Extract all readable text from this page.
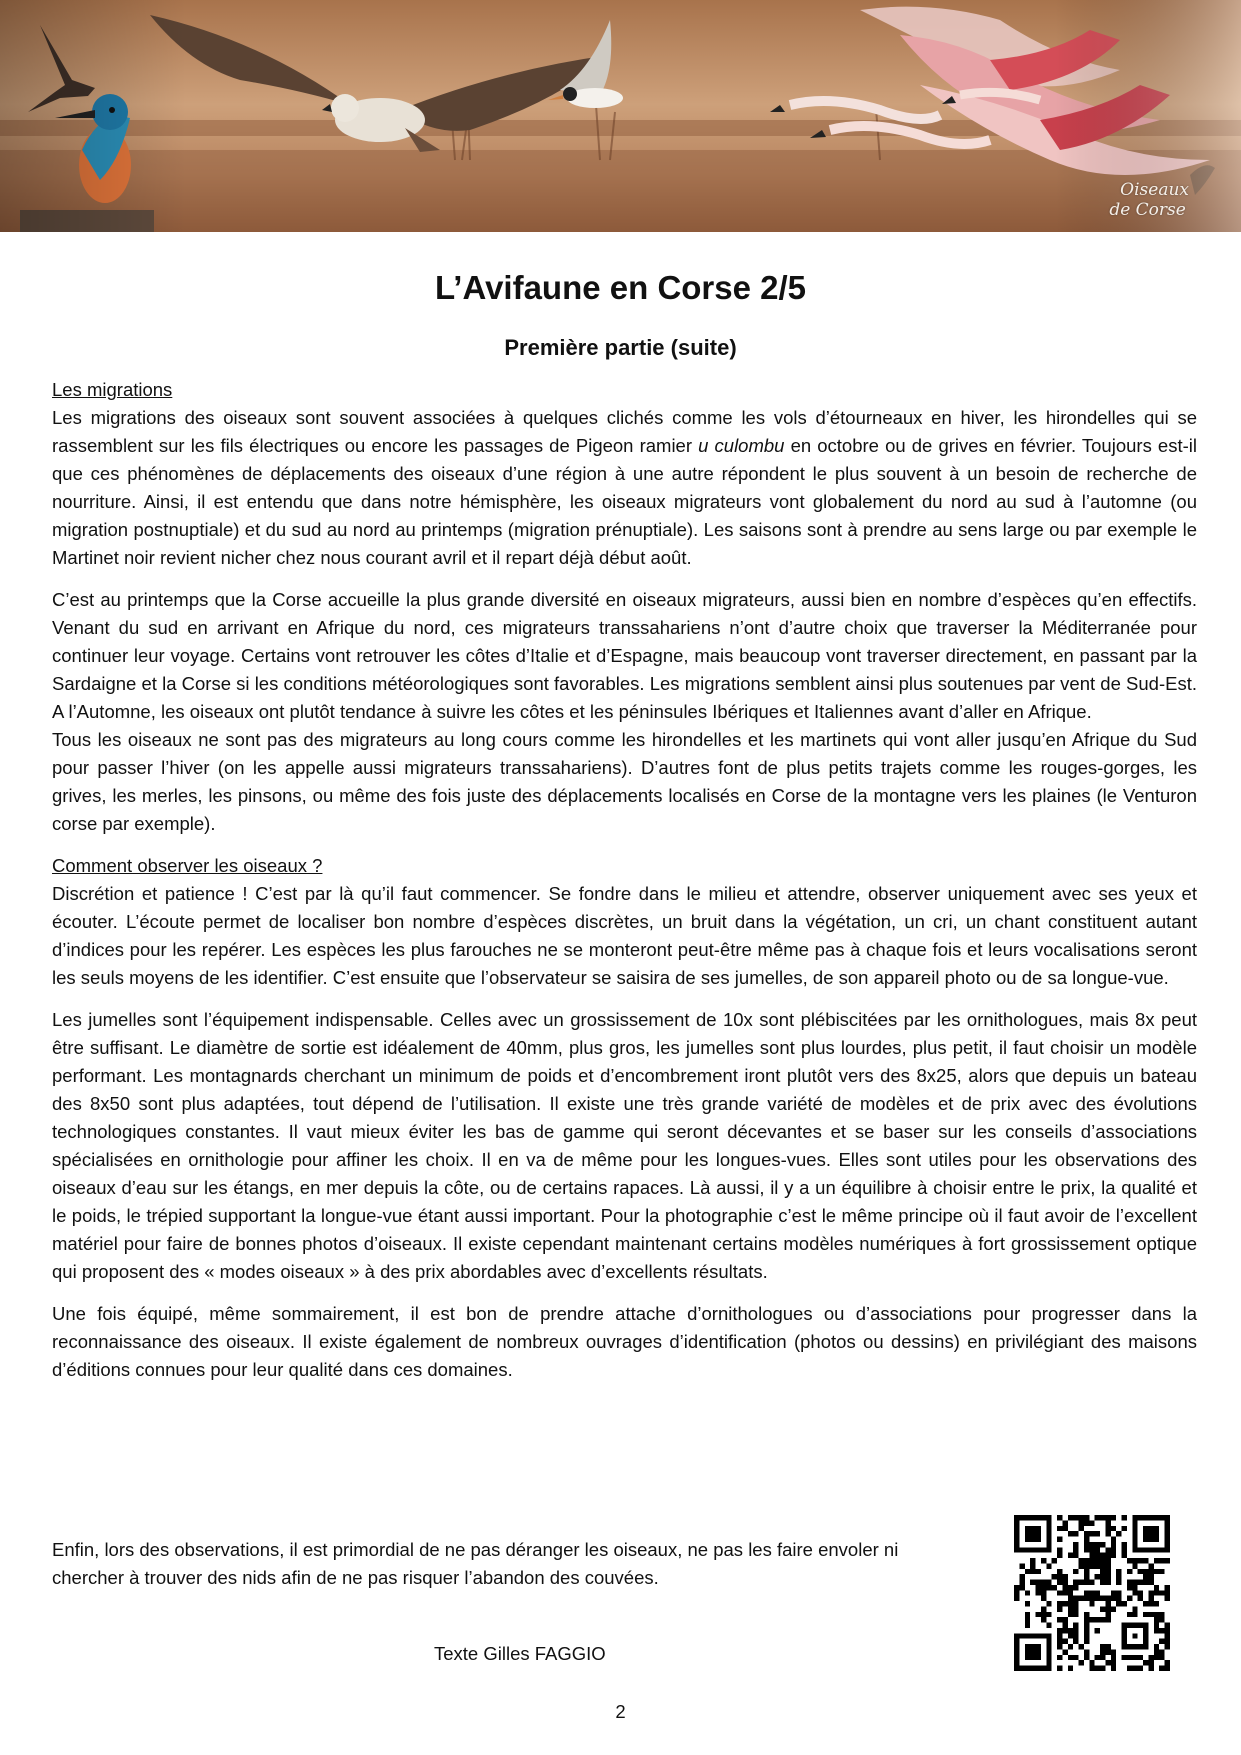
Oiseaux
de Corse
L’Avifaune en Corse 2/5
Première partie (suite)
Les migrations

Les migrations des oiseaux sont souvent associées à quelques clichés comme les vols d’étourneaux en hiver, les hirondelles qui se rassemblent sur les fils électriques ou encore les passages de Pigeon ramier u culombu en octobre ou de grives en février. Toujours est-il que ces phénomènes de déplacements des oiseaux d’une région à une autre répondent le plus souvent à un besoin de recherche de nourriture. Ainsi, il est entendu que dans notre hémisphère, les oiseaux migrateurs vont globalement du nord au sud à l’automne (ou migration postnuptiale) et du sud au nord au printemps (migration prénuptiale). Les saisons sont à prendre au sens large ou par exemple le Martinet noir revient nicher chez nous courant avril et il repart déjà début août.

C’est au printemps que la Corse accueille la plus grande diversité en oiseaux migrateurs, aussi bien en nombre d’espèces qu’en effectifs. Venant du sud en arrivant en Afrique du nord, ces migrateurs transsahariens n’ont d’autre choix que traverser la Méditerranée pour continuer leur voyage. Certains vont retrouver les côtes d’Italie et d’Espagne, mais beaucoup vont traverser directement, en passant par la Sardaigne et la Corse si les conditions météorologiques sont favorables. Les migrations semblent ainsi plus soutenues par vent de Sud-Est. A l’Automne, les oiseaux ont plutôt tendance à suivre les côtes et les péninsules Ibériques et Italiennes avant d’aller en Afrique.

Tous les oiseaux ne sont pas des migrateurs au long cours comme les hirondelles et les martinets qui vont aller jusqu’en Afrique du Sud pour passer l’hiver (on les appelle aussi migrateurs transsahariens). D’autres font de plus petits trajets comme les rouges-gorges, les grives, les merles, les pinsons, ou même des fois juste des déplacements localisés en Corse de la montagne vers les plaines (le Venturon corse par exemple).

Comment observer les oiseaux ?
Discrétion et patience ! C’est par là qu’il faut commencer. Se fondre dans le milieu et attendre, observer uniquement avec ses yeux et écouter. L’écoute permet de localiser bon nombre d’espèces discrètes, un bruit dans la végétation, un cri, un chant constituent autant d’indices pour les repérer. Les espèces les plus farouches ne se monteront peut-être même pas à chaque fois et leurs vocalisations seront les seuls moyens de les identifier. C’est ensuite que l’observateur se saisira de ses jumelles, de son appareil photo ou de sa longue-vue.

Les jumelles sont l’équipement indispensable. Celles avec un grossissement de 10x sont plébiscitées par les ornithologues, mais 8x peut être suffisant. Le diamètre de sortie est idéalement de 40mm, plus gros, les jumelles sont plus lourdes, plus petit, il faut choisir un modèle performant. Les montagnards cherchant un minimum de poids et d’encombrement iront plutôt vers des 8x25, alors que depuis un bateau des 8x50 sont plus adaptées, tout dépend de l’utilisation. Il existe une très grande variété de modèles et de prix avec des évolutions technologiques constantes. Il vaut mieux éviter les bas de gamme qui seront décevantes et se baser sur les conseils d’associations spécialisées en ornithologie pour affiner les choix. Il en va de même pour les longues-vues. Elles sont utiles pour les observations des oiseaux d’eau sur les étangs, en mer depuis la côte, ou de certains rapaces. Là aussi, il y a un équilibre à choisir entre le prix, la qualité et le poids, le trépied supportant la longue-vue étant aussi important. Pour la photographie c’est le même principe où il faut avoir de l’excellent matériel pour faire de bonnes photos d’oiseaux. Il existe cependant maintenant certains modèles numériques à fort grossissement optique qui proposent des « modes oiseaux » à des prix abordables avec d’excellents résultats.

Une fois équipé, même sommairement, il est bon de prendre attache d’ornithologues ou d’associations pour progresser dans la reconnaissance des oiseaux. Il existe également de nombreux ouvrages d’identification (photos ou dessins) en privilégiant des maisons d’éditions connues pour leur qualité dans ces domaines.

Enfin, lors des observations, il est primordial de ne pas déranger les oiseaux, ne pas les faire envoler ni chercher à trouver des nids afin de ne pas risquer l’abandon des couvées.

Texte Gilles FAGGIO

2
